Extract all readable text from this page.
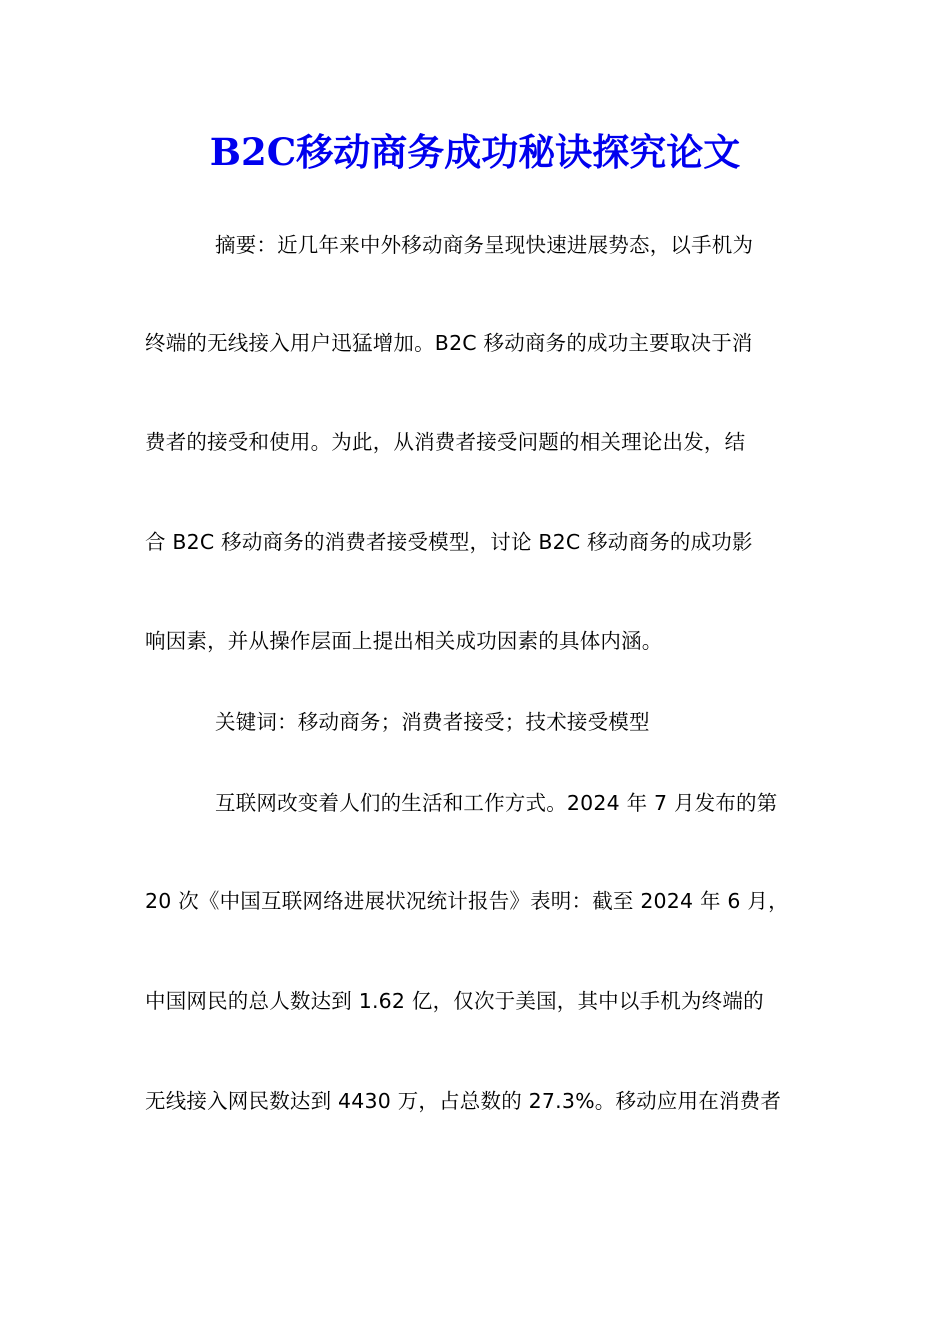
B2C移动商务成功秘诀探究论文
摘要：近几年来中外移动商务呈现快速进展势态，以手机为
终端的无线接入用户迅猛增加。B2C 移动商务的成功主要取决于消
费者的接受和使用。为此，从消费者接受问题的相关理论出发，结
合 B2C 移动商务的消费者接受模型，讨论 B2C 移动商务的成功影
响因素，并从操作层面上提出相关成功因素的具体内涵。
关键词：移动商务；消费者接受；技术接受模型
互联网改变着人们的生活和工作方式。2024 年 7 月发布的第
20 次《中国互联网络进展状况统计报告》表明：截至 2024 年 6 月，
中国网民的总人数达到 1.62 亿，仅次于美国，其中以手机为终端的
无线接入网民数达到 4430 万，占总数的 27.3%。移动应用在消费者
